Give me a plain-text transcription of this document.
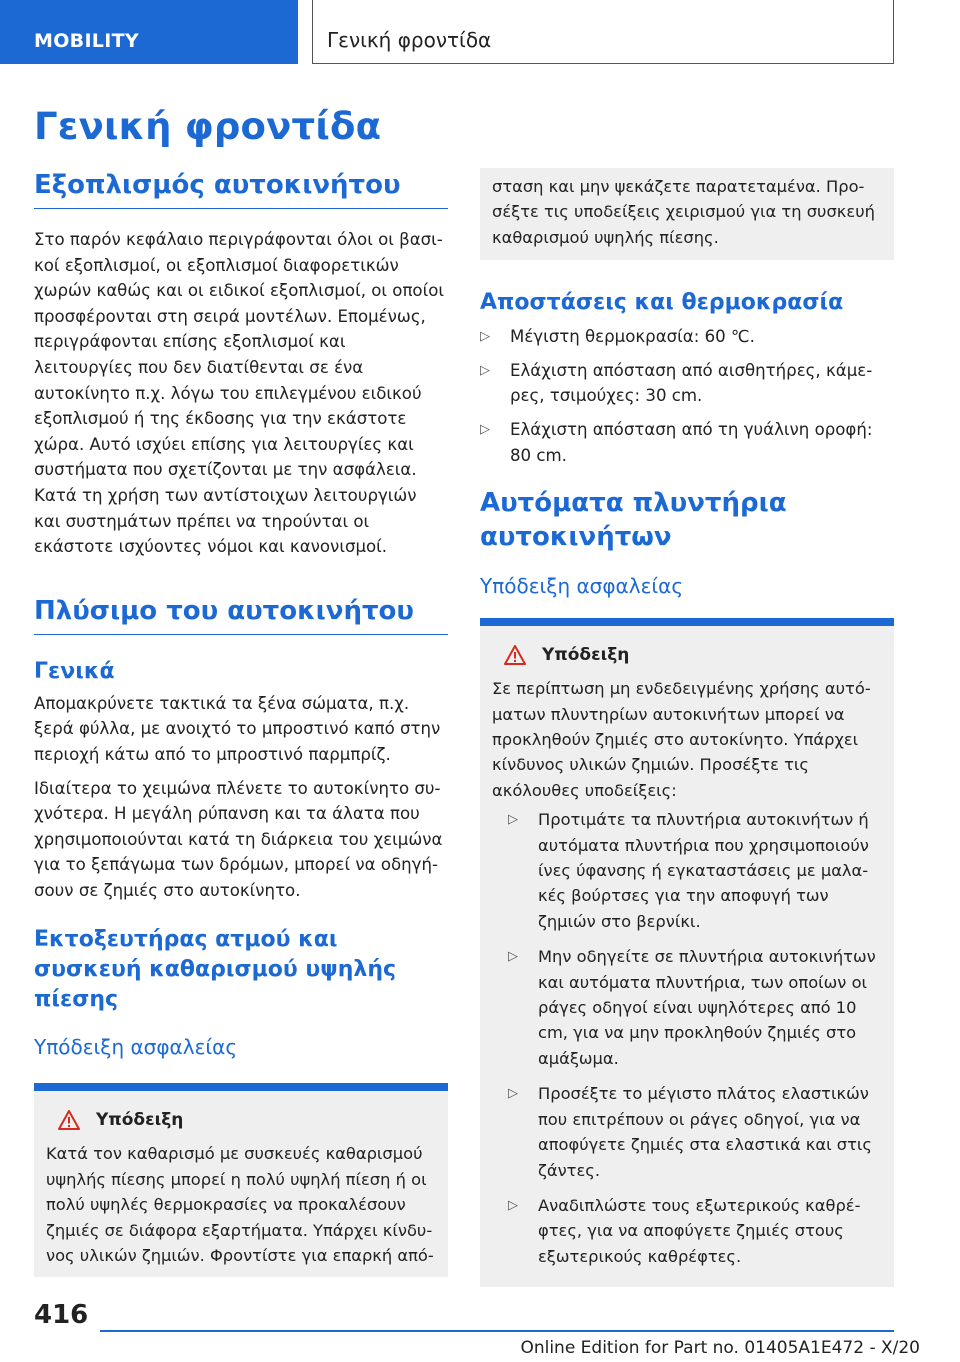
MOBILITY	Γενική φροντίδα
Γενική φροντίδα
Εξοπλισμός αυτοκινήτου

Στο παρόν κεφάλαιο περιγράφονται όλοι οι βασικοί εξοπλισμοί, οι εξοπλισμοί διαφορετικών χωρών καθώς και οι ειδικοί εξοπλισμοί, οι οποίοι προσφέρονται στη σειρά μοντέλων. Επομένως, περιγράφονται επίσης εξοπλισμοί και λειτουργίες που δεν διατίθενται σε ένα αυτοκίνητο π.χ. λόγω του επιλεγμένου ειδικού εξοπλισμού ή της έκδοσης για την εκάστοτε χώρα. Αυτό ισχύει επίσης για λειτουργίες και συστήματα που σχετίζονται με την ασφάλεια. Κατά τη χρήση των αντίστοιχων λειτουργιών και συστημάτων πρέπει να τηρούνται οι εκάστοτε ισχύοντες νόμοι και κανονισμοί.

Πλύσιμο του αυτοκινήτου
Γενικά

Απομακρύνετε τακτικά τα ξένα σώματα, π.χ. ξερά φύλλα, με ανοιχτό το μπροστινό καπό στην περιοχή κάτω από το μπροστινό παρμπρίζ.

Ιδιαίτερα το χειμώνα πλένετε το αυτοκίνητο συχνότερα. Η μεγάλη ρύπανση και τα άλατα που χρησιμοποιούνται κατά τη διάρκεια του χειμώνα για το ξεπάγωμα των δρόμων, μπορεί να οδηγήσουν σε ζημιές στο αυτοκίνητο.

Εκτοξευτήρας ατμού και συσκευή καθαρισμού υψηλής πίεσης
Υπόδειξη ασφαλείας
Υπόδειξη

Κατά τον καθαρισμό με συσκευές καθαρισμού υψηλής πίεσης μπορεί η πολύ υψηλή πίεση ή οι πολύ υψηλές θερμοκρασίες να προκαλέσουν ζημιές σε διάφορα εξαρτήματα. Υπάρχει κίνδυνος υλικών ζημιών. Φροντίστε για επαρκή από-

σταση και μην ψεκάζετε παρατεταμένα. Προσέξτε τις υποδείξεις χειρισμού για τη συσκευή καθαρισμού υψηλής πίεσης.

Αποστάσεις και θερμοκρασία
▷	Μέγιστη θερμοκρασία: 60 ℃.
▷	Ελάχιστη απόσταση από αισθητήρες, κάμερες, τσιμούχες: 30 cm.
▷	Ελάχιστη απόσταση από τη γυάλινη οροφή: 80 cm.
Αυτόματα πλυντήρια αυτοκινήτων
Υπόδειξη ασφαλείας
Υπόδειξη

Σε περίπτωση μη ενδεδειγμένης χρήσης αυτόματων πλυντηρίων αυτοκινήτων μπορεί να προκληθούν ζημιές στο αυτοκίνητο. Υπάρχει κίνδυνος υλικών ζημιών. Προσέξτε τις ακόλουθες υποδείξεις:

▷	Προτιμάτε τα πλυντήρια αυτοκινήτων ή αυτόματα πλυντήρια που χρησιμοποιούν ίνες ύφανσης ή εγκαταστάσεις με μαλακές βούρτσες για την αποφυγή των ζημιών στο βερνίκι.
▷	Μην οδηγείτε σε πλυντήρια αυτοκινήτων και αυτόματα πλυντήρια, των οποίων οι ράγες οδηγοί είναι υψηλότερες από 10 cm, για να μην προκληθούν ζημιές στο αμάξωμα.
▷	Προσέξτε το μέγιστο πλάτος ελαστικών που επιτρέπουν οι ράγες οδηγοί, για να αποφύγετε ζημιές στα ελαστικά και στις ζάντες.
▷	Αναδιπλώστε τους εξωτερικούς καθρέφτες, για να αποφύγετε ζημιές στους εξωτερικούς καθρέφτες.
416
Online Edition for Part no. 01405A1E472 - X/20
